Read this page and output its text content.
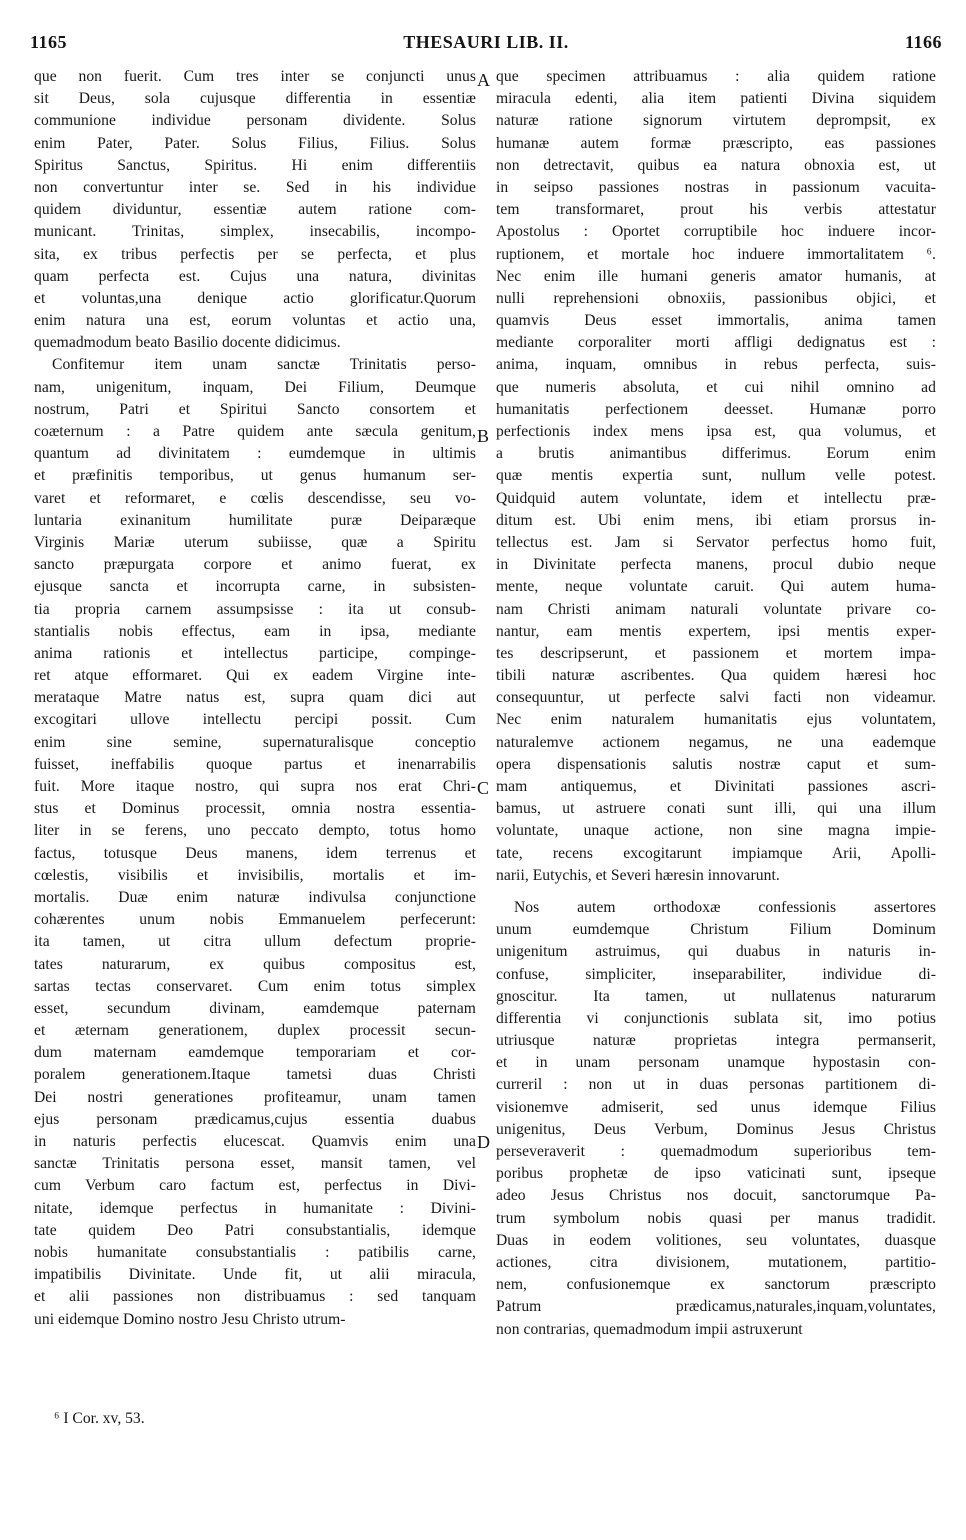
1165	THESAURI LIB. II.	1166
A
B
C
D
que non fuerit. Cum tres inter se conjuncti unus
sit Deus, sola cujusque differentia in essentiæ
communione individue personam dividente. Solus
enim Pater, Pater. Solus Filius, Filius. Solus
Spiritus Sanctus, Spiritus. Hi enim differentiis
non convertuntur inter se. Sed in his individue
quidem dividuntur, essentiæ autem ratione com-
municant. Trinitas, simplex, insecabilis, incompo-
sita, ex tribus perfectis per se perfecta, et plus
quam perfecta est. Cujus una natura, divinitas
et voluntas,una denique actio glorificatur.Quorum
enim natura una est, eorum voluntas et actio una,
quemadmodum beato Basilio docente didicimus.
Confitemur item unam sanctæ Trinitatis perso-
nam, unigenitum, inquam, Dei Filium, Deumque
nostrum, Patri et Spiritui Sancto consortem et
coæternum : a Patre quidem ante sæcula genitum,
quantum ad divinitatem : eumdemque in ultimis
et præfinitis temporibus, ut genus humanum ser-
varet et reformaret, e cœlis descendisse, seu vo-
luntaria exinanitum humilitate puræ Deiparæque
Virginis Mariæ uterum subiisse, quæ a Spiritu
sancto præpurgata corpore et animo fuerat, ex
ejusque sancta et incorrupta carne, in subsisten-
tia propria carnem assumpsisse : ita ut consub-
stantialis nobis effectus, eam in ipsa, mediante
anima rationis et intellectus participe, compinge-
ret atque efformaret. Qui ex eadem Virgine inte-
merataque Matre natus est, supra quam dici aut
excogitari ullove intellectu percipi possit. Cum
enim sine semine, supernaturalisque conceptio
fuisset, ineffabilis quoque partus et inenarrabilis
fuit. More itaque nostro, qui supra nos erat Chri-
stus et Dominus processit, omnia nostra essentia-
liter in se ferens, uno peccato dempto, totus homo
factus, totusque Deus manens, idem terrenus et
cœlestis, visibilis et invisibilis, mortalis et im-
mortalis. Duæ enim naturæ indivulsa conjunctione
cohærentes unum nobis Emmanuelem perfecerunt:
ita tamen, ut citra ullum defectum proprie-
tates naturarum, ex quibus compositus est,
sartas tectas conservaret. Cum enim totus simplex
esset, secundum divinam, eamdemque paternam
et æternam generationem, duplex processit secun-
dum maternam eamdemque temporariam et cor-
poralem generationem.Itaque tametsi duas Christi
Dei nostri generationes profiteamur, unam tamen
ejus personam prædicamus,cujus essentia duabus
in naturis perfectis elucescat. Quamvis enim una
sanctæ Trinitatis persona esset, mansit tamen, vel
cum Verbum caro factum est, perfectus in Divi-
nitate, idemque perfectus in humanitate : Divini-
tate quidem Deo Patri consubstantialis, idemque
nobis humanitate consubstantialis : patibilis carne,
impatibilis Divinitate. Unde fit, ut alii miracula,
et alii passiones non distribuamus : sed tanquam
uni eidemque Domino nostro Jesu Christo utrum-
que specimen attribuamus : alia quidem ratione
miracula edenti, alia item patienti Divina siquidem
naturæ ratione signorum virtutem deprompsit, ex
humanæ autem formæ præscripto, eas passiones
non detrectavit, quibus ea natura obnoxia est, ut
in seipso passiones nostras in passionum vacuita-
tem transformaret, prout his verbis attestatur
Apostolus : Oportet corruptibile hoc induere incor-
ruptionem, et mortale hoc induere immortalitatem ⁶.
Nec enim ille humani generis amator humanis, at
nulli reprehensioni obnoxiis, passionibus objici, et
quamvis Deus esset immortalis, anima tamen
mediante corporaliter morti affligi dedignatus est :
anima, inquam, omnibus in rebus perfecta, suis-
que numeris absoluta, et cui nihil omnino ad
humanitatis perfectionem deesset. Humanæ porro
perfectionis index mens ipsa est, qua volumus, et
a brutis animantibus differimus. Eorum enim
quæ mentis expertia sunt, nullum velle potest.
Quidquid autem voluntate, idem et intellectu præ-
ditum est. Ubi enim mens, ibi etiam prorsus in-
tellectus est. Jam si Servator perfectus homo fuit,
in Divinitate perfecta manens, procul dubio neque
mente, neque voluntate caruit. Qui autem huma-
nam Christi animam naturali voluntate privare co-
nantur, eam mentis expertem, ipsi mentis exper-
tes descripserunt, et passionem et mortem impa-
tibili naturæ ascribentes. Qua quidem hæresi hoc
consequuntur, ut perfecte salvi facti non videamur.
Nec enim naturalem humanitatis ejus voluntatem,
naturalemve actionem negamus, ne una eademque
opera dispensationis salutis nostræ caput et sum-
mam antiquemus, et Divinitati passiones ascri-
bamus, ut astruere conati sunt illi, qui una illum
voluntate, unaque actione, non sine magna impie-
tate, recens excogitarunt impiamque Arii, Apolli-
narii, Eutychis, et Severi hæresin innovarunt.
Nos autem orthodoxæ confessionis assertores
unum eumdemque Christum Filium Dominum
unigenitum astruimus, qui duabus in naturis in-
confuse, simpliciter, inseparabiliter, individue di-
gnoscitur. Ita tamen, ut nullatenus naturarum
differentia vi conjunctionis sublata sit, imo potius
utriusque naturæ proprietas integra permanserit,
et in unam personam unamque hypostasin con-
curreril : non ut in duas personas partitionem di-
visionemve admiserit, sed unus idemque Filius
unigenitus, Deus Verbum, Dominus Jesus Christus
perseveraverit : quemadmodum superioribus tem-
poribus prophetæ de ipso vaticinati sunt, ipseque
adeo Jesus Christus nos docuit, sanctorumque Pa-
trum symbolum nobis quasi per manus tradidit.
Duas in eodem volitiones, seu voluntates, duasque
actiones, citra divisionem, mutationem, partitio-
nem, confusionemque ex sanctorum præscripto
Patrum prædicamus,naturales,inquam,voluntates,
non contrarias, quemadmodum impii astruxerunt
⁶ I Cor. xv, 53.
